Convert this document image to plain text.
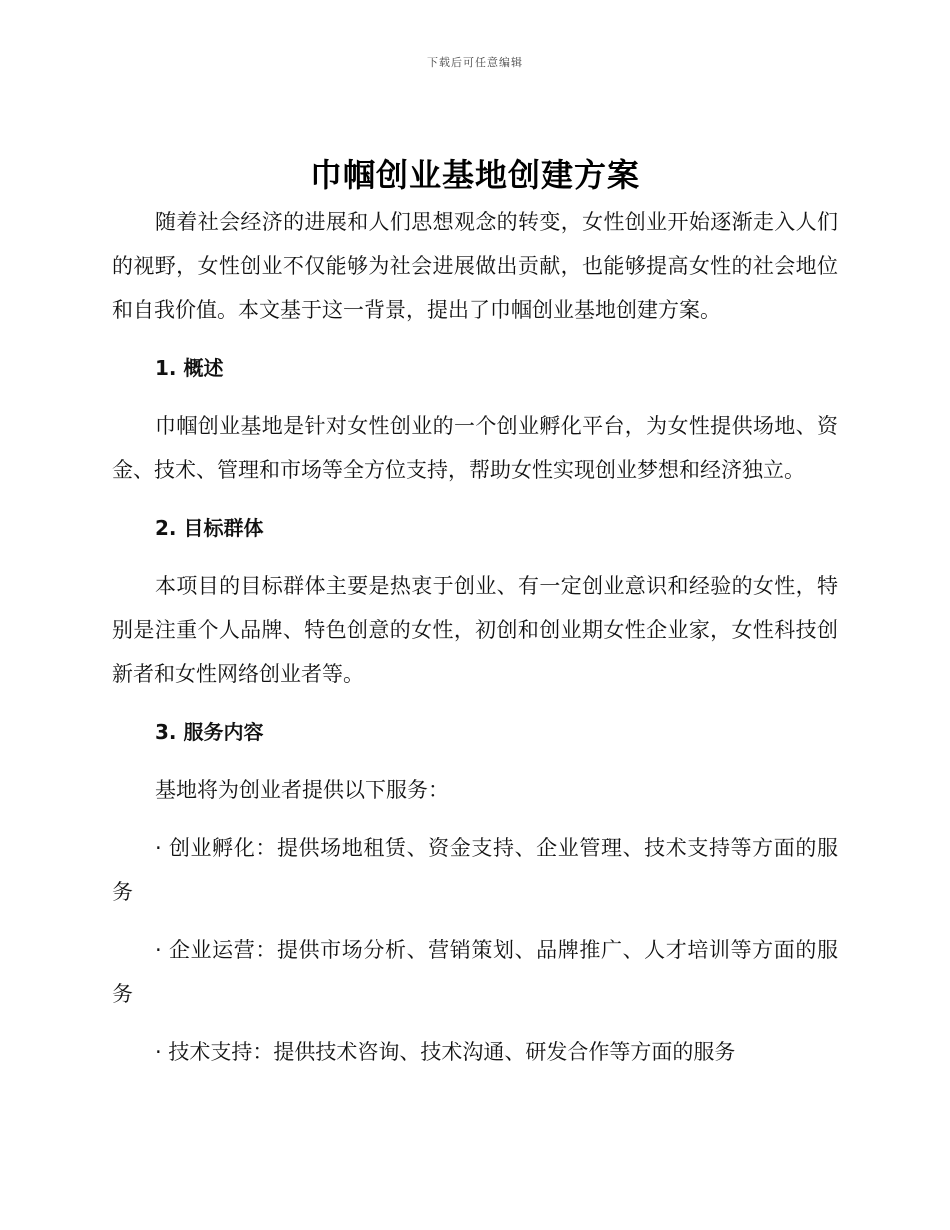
下载后可任意编辑
巾帼创业基地创建方案

随着社会经济的进展和人们思想观念的转变，女性创业开始逐渐走入人们的视野，女性创业不仅能够为社会进展做出贡献，也能够提高女性的社会地位和自我价值。本文基于这一背景，提出了巾帼创业基地创建方案。

1. 概述

巾帼创业基地是针对女性创业的一个创业孵化平台，为女性提供场地、资金、技术、管理和市场等全方位支持，帮助女性实现创业梦想和经济独立。

2. 目标群体

本项目的目标群体主要是热衷于创业、有一定创业意识和经验的女性，特别是注重个人品牌、特色创意的女性，初创和创业期女性企业家，女性科技创新者和女性网络创业者等。

3. 服务内容

基地将为创业者提供以下服务：

· 创业孵化：提供场地租赁、资金支持、企业管理、技术支持等方面的服务

· 企业运营：提供市场分析、营销策划、品牌推广、人才培训等方面的服务

· 技术支持：提供技术咨询、技术沟通、研发合作等方面的服务
